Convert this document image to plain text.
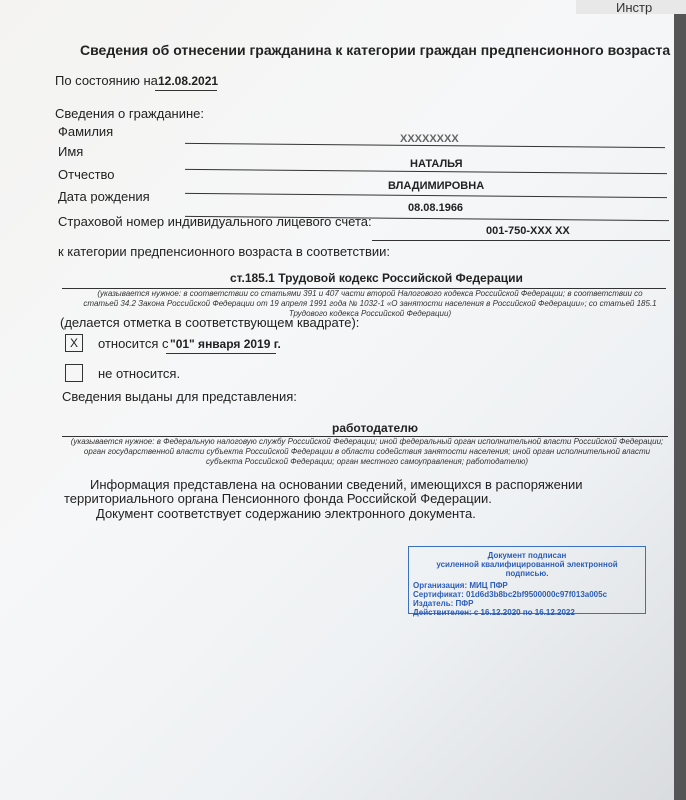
Инстр
Сведения об отнесении гражданина к категории граждан предпенсионного возраста
По состоянию на 12.08.2021
Сведения о гражданине:
Фамилия	XXXXXXXX
Имя
НАТАЛЬЯ
Отчество
ВЛАДИМИРОВНА
Дата рождения
08.08.1966
Страховой номер индивидуального лицевого счета:
001-750-XXX XX
к категории предпенсионного возраста в соответствии:
ст.185.1 Трудовой кодекс Российской Федерации
(указывается нужное: в соответствии со статьями 391 и 407 части второй Налогового кодекса Российской Федерации; в соответствии со статьей 34.2 Закона Российской Федерации от 19 апреля 1991 года № 1032-1 «О занятости населения в Российской Федерации»; со статьей 185.1 Трудового кодекса Российской Федерации)
(делается отметка в соответствующем квадрате):
X	относится с "01" января 2019 г.
не относится.
Сведения выданы для представления:
работодателю
(указывается нужное: в Федеральную налоговую службу Российской Федерации; иной федеральный орган исполнительной власти Российской Федерации; орган государственной власти субъекта Российской Федерации в области содействия занятости населения; иной орган исполнительной власти субъекта Российской Федерации; орган местного самоуправления; работодателю)
Информация представлена на основании сведений, имеющихся в распоряжении территориального органа Пенсионного фонда Российской Федерации.
Документ соответствует содержанию электронного документа.
Документ подписан
усиленной квалифицированной электронной
подписью.
Организация: МИЦ ПФР
Сертификат: 01d6d3b8bc2bf9500000c97f013a005c
Издатель: ПФР
Действителен: с 16.12.2020 по 16.12.2022
